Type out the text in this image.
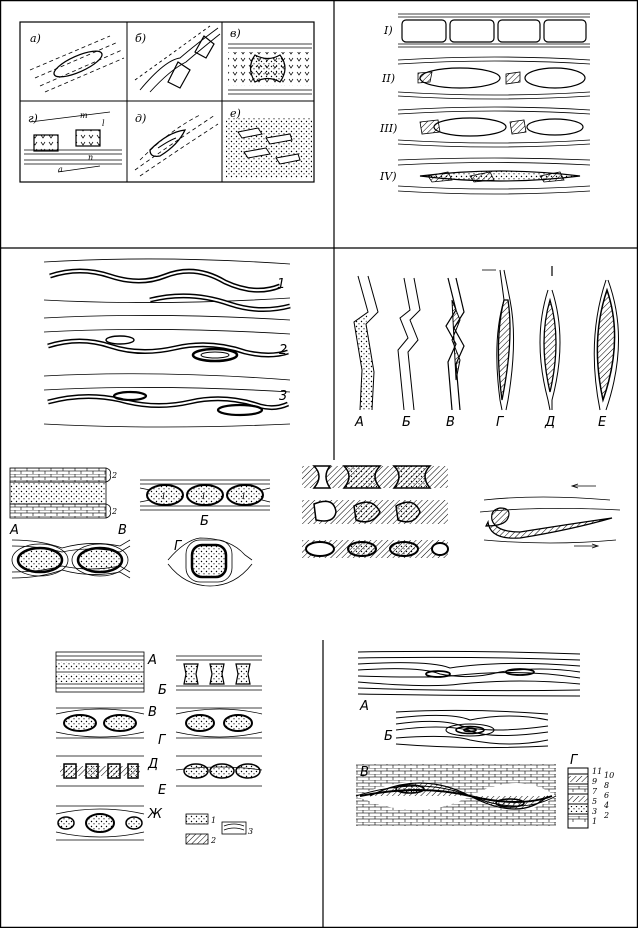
а)	б)	в)
г)	д)	е)
m
l
a
n
I)
II)
III)
IV)
1
2
3
А	Б	В	Г	Д	Е
2
2
1	1	1
А
Б
В
Г
А
Б
В
Г
Д
Е
Ж	1
2
3
А
Б
В
Г
11
9
7
5
3
1
10
8
6
4
2
